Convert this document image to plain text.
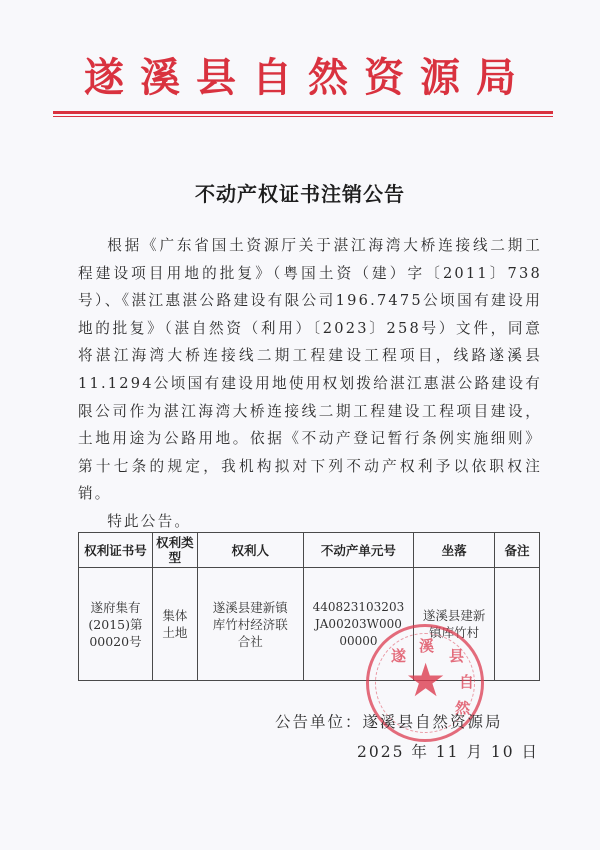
遂溪县自然资源局
不动产权证书注销公告

根据《广东省国土资源厅关于湛江海湾大桥连接线二期工程建设项目用地的批复》（粤国土资（建）字〔2011〕738号）、《湛江惠湛公路建设有限公司196.7475公顷国有建设用地的批复》（湛自然资（利用）〔2023〕258号）文件，同意将湛江海湾大桥连接线二期工程建设工程项目，线路遂溪县11.1294公顷国有建设用地使用权划拨给湛江惠湛公路建设有限公司作为湛江海湾大桥连接线二期工程建设工程项目建设，土地用途为公路用地。依据《不动产登记暂行条例实施细则》第十七条的规定，我机构拟对下列不动产权利予以依职权注销。

特此公告。

权利证书号	权利类型	权利人	不动产单元号	坐落	备注
遂府集有(2015)第00020号	集体土地	遂溪县建新镇库竹村经济联合社	440823103203JA00203W00000000	遂溪县建新镇库竹村	
★
遂
溪
县
自
然
公告单位：遂溪县自然资源局
2025 年 11 月 10 日
